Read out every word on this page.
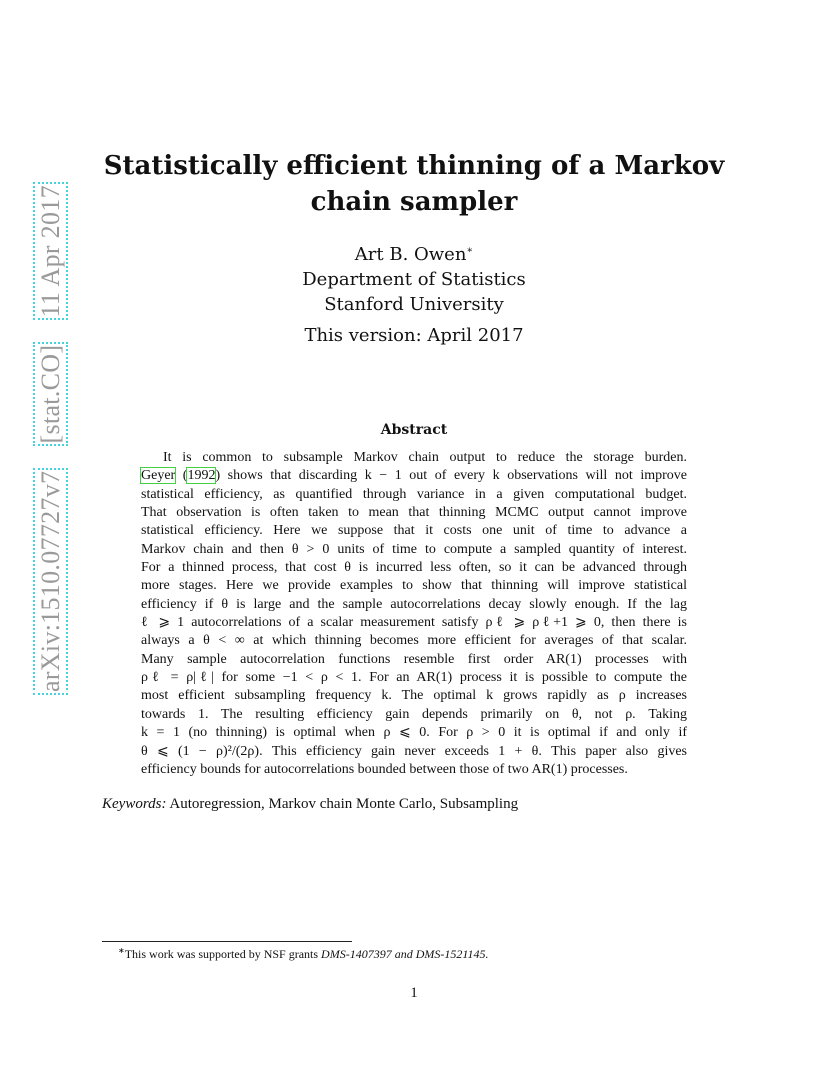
arXiv:1510.07727v7    [stat.CO]    11 Apr 2017
Statistically efficient thinning of a Markov
chain sampler
Art B. Owen∗
Department of Statistics
Stanford University
This version: April 2017
Abstract
It is common to subsample Markov chain output to reduce the storage burden.
Geyer (1992) shows that discarding k − 1 out of every k observations will not improve
statistical efficiency, as quantified through variance in a given computational budget.
That observation is often taken to mean that thinning MCMC output cannot improve
statistical efficiency. Here we suppose that it costs one unit of time to advance a
Markov chain and then θ > 0 units of time to compute a sampled quantity of interest.
For a thinned process, that cost θ is incurred less often, so it can be advanced through
more stages. Here we provide examples to show that thinning will improve statistical
efficiency if θ is large and the sample autocorrelations decay slowly enough. If the lag
ℓ ⩾ 1 autocorrelations of a scalar measurement satisfy ρℓ ⩾ ρℓ+1 ⩾ 0, then there is
always a θ < ∞ at which thinning becomes more efficient for averages of that scalar.
Many sample autocorrelation functions resemble first order AR(1) processes with
ρℓ = ρ|ℓ| for some −1 < ρ < 1. For an AR(1) process it is possible to compute the
most efficient subsampling frequency k. The optimal k grows rapidly as ρ increases
towards 1. The resulting efficiency gain depends primarily on θ, not ρ. Taking
k = 1 (no thinning) is optimal when ρ ⩽ 0. For ρ > 0 it is optimal if and only if
θ ⩽ (1 − ρ)²/(2ρ). This efficiency gain never exceeds 1 + θ. This paper also gives
efficiency bounds for autocorrelations bounded between those of two AR(1) processes.
Keywords: Autoregression, Markov chain Monte Carlo, Subsampling
∗This work was supported by NSF grants DMS-1407397 and DMS-1521145.
1
